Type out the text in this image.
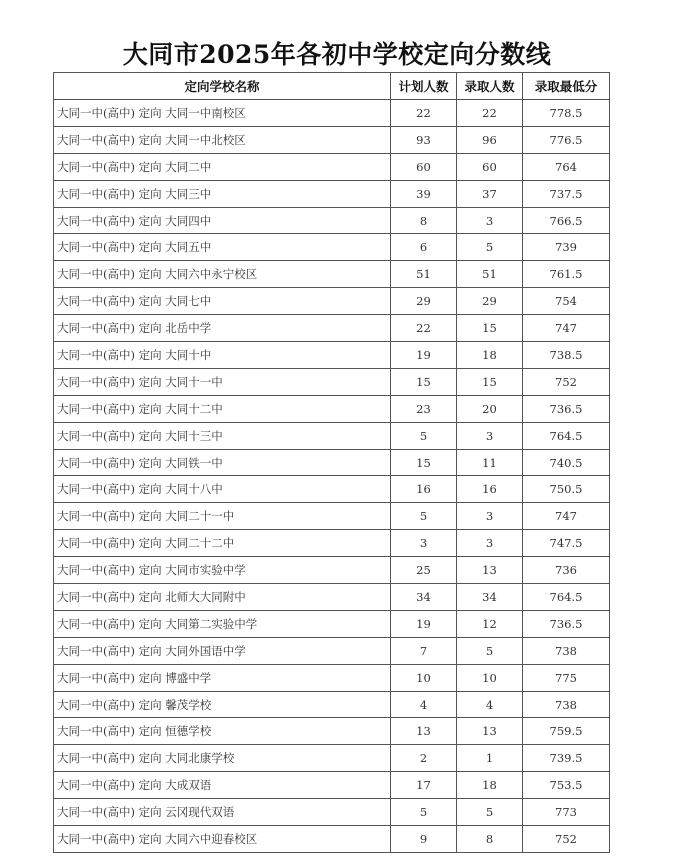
大同市2025年各初中学校定向分数线
定向学校名称	计划人数	录取人数	录取最低分
大同一中(高中) 定向 大同一中南校区	22	22	778.5
大同一中(高中) 定向 大同一中北校区	93	96	776.5
大同一中(高中) 定向 大同二中	60	60	764
大同一中(高中) 定向 大同三中	39	37	737.5
大同一中(高中) 定向 大同四中	8	3	766.5
大同一中(高中) 定向 大同五中	6	5	739
大同一中(高中) 定向 大同六中永宁校区	51	51	761.5
大同一中(高中) 定向 大同七中	29	29	754
大同一中(高中) 定向 北岳中学	22	15	747
大同一中(高中) 定向 大同十中	19	18	738.5
大同一中(高中) 定向 大同十一中	15	15	752
大同一中(高中) 定向 大同十二中	23	20	736.5
大同一中(高中) 定向 大同十三中	5	3	764.5
大同一中(高中) 定向 大同铁一中	15	11	740.5
大同一中(高中) 定向 大同十八中	16	16	750.5
大同一中(高中) 定向 大同二十一中	5	3	747
大同一中(高中) 定向 大同二十二中	3	3	747.5
大同一中(高中) 定向 大同市实验中学	25	13	736
大同一中(高中) 定向 北师大大同附中	34	34	764.5
大同一中(高中) 定向 大同第二实验中学	19	12	736.5
大同一中(高中) 定向 大同外国语中学	7	5	738
大同一中(高中) 定向 博盛中学	10	10	775
大同一中(高中) 定向 馨茂学校	4	4	738
大同一中(高中) 定向 恒德学校	13	13	759.5
大同一中(高中) 定向 大同北康学校	2	1	739.5
大同一中(高中) 定向 大成双语	17	18	753.5
大同一中(高中) 定向 云冈现代双语	5	5	773
大同一中(高中) 定向 大同六中迎春校区	9	8	752
